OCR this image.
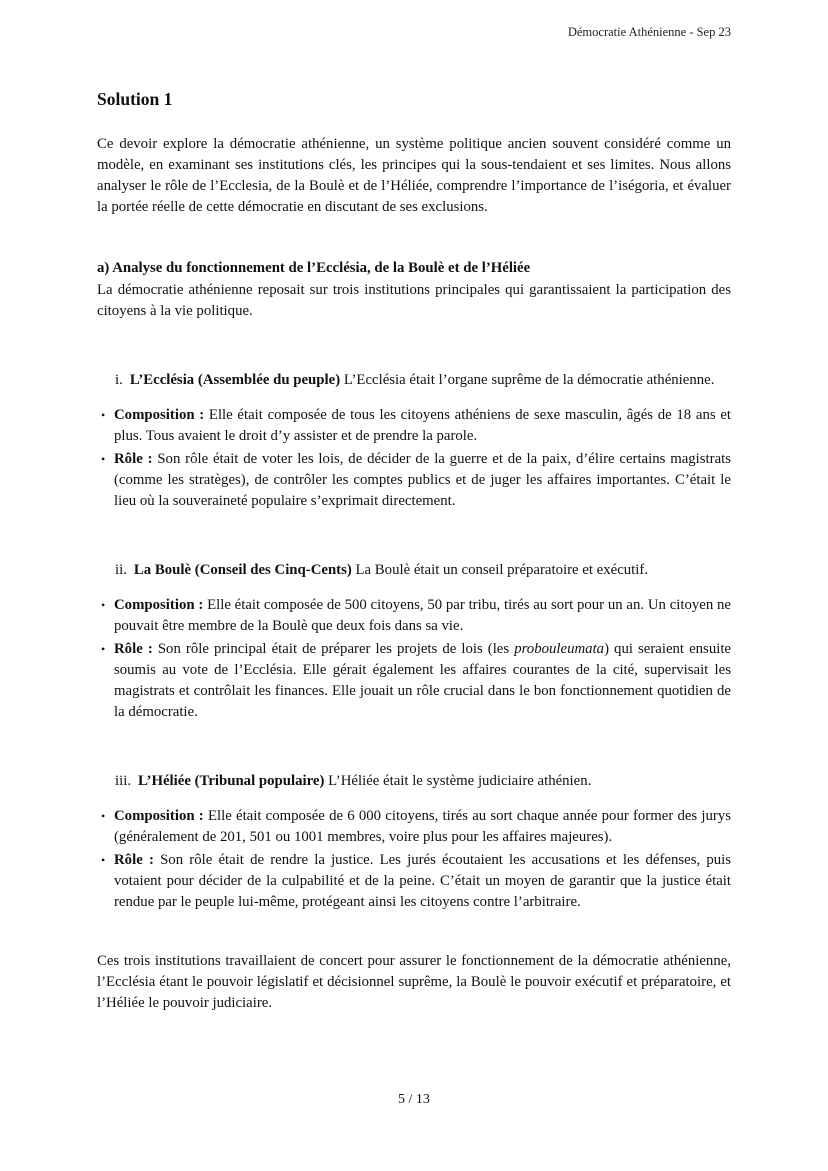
Démocratie Athénienne - Sep 23
Solution 1

Ce devoir explore la démocratie athénienne, un système politique ancien souvent considéré comme un modèle, en examinant ses institutions clés, les principes qui la sous-tendaient et ses limites. Nous allons analyser le rôle de l’Ecclesia, de la Boulè et de l’Héliée, comprendre l’importance de l’iségoria, et évaluer la portée réelle de cette démocratie en discutant de ses exclusions.

a) Analyse du fonctionnement de l’Ecclésia, de la Boulè et de l’Héliée

La démocratie athénienne reposait sur trois institutions principales qui garantissaient la participation des citoyens à la vie politique.

i. L’Ecclésia (Assemblée du peuple) L’Ecclésia était l’organe suprême de la démocratie athénienne.
• Composition : Elle était composée de tous les citoyens athéniens de sexe masculin, âgés de 18 ans et plus. Tous avaient le droit d’y assister et de prendre la parole.
• Rôle : Son rôle était de voter les lois, de décider de la guerre et de la paix, d’élire certains magistrats (comme les stratèges), de contrôler les comptes publics et de juger les affaires importantes. C’était le lieu où la souveraineté populaire s’exprimait directement.
ii. La Boulè (Conseil des Cinq-Cents) La Boulè était un conseil préparatoire et exécutif.
• Composition : Elle était composée de 500 citoyens, 50 par tribu, tirés au sort pour un an. Un citoyen ne pouvait être membre de la Boulè que deux fois dans sa vie.
• Rôle : Son rôle principal était de préparer les projets de lois (les probouleumata) qui seraient ensuite soumis au vote de l’Ecclésia. Elle gérait également les affaires courantes de la cité, supervisait les magistrats et contrôlait les finances. Elle jouait un rôle crucial dans le bon fonctionnement quotidien de la démocratie.
iii. L’Héliée (Tribunal populaire) L’Héliée était le système judiciaire athénien.
• Composition : Elle était composée de 6 000 citoyens, tirés au sort chaque année pour former des jurys (généralement de 201, 501 ou 1001 membres, voire plus pour les affaires majeures).
• Rôle : Son rôle était de rendre la justice. Les jurés écoutaient les accusations et les défenses, puis votaient pour décider de la culpabilité et de la peine. C’était un moyen de garantir que la justice était rendue par le peuple lui-même, protégeant ainsi les citoyens contre l’arbitraire.

Ces trois institutions travaillaient de concert pour assurer le fonctionnement de la démocratie athénienne, l’Ecclésia étant le pouvoir législatif et décisionnel suprême, la Boulè le pouvoir exécutif et préparatoire, et l’Héliée le pouvoir judiciaire.

5 / 13
